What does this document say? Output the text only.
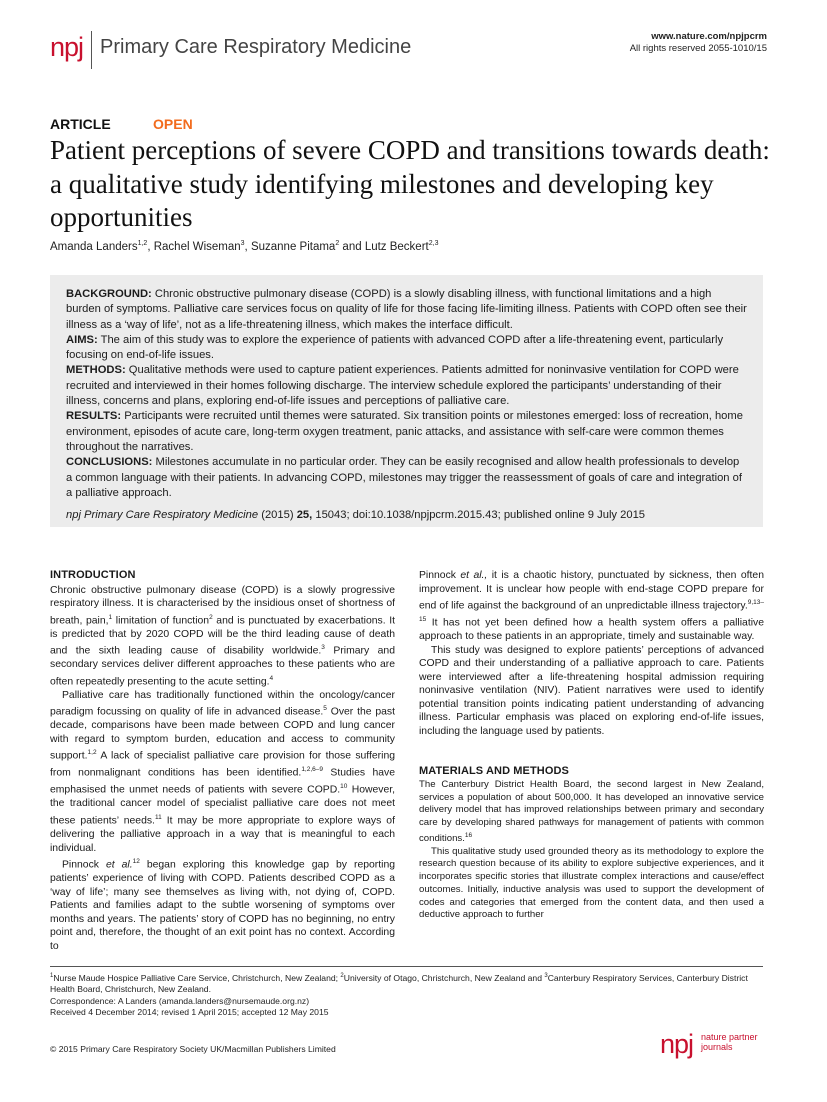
npj Primary Care Respiratory Medicine	www.nature.com/npjpcrm
All rights reserved 2055-1010/15
ARTICLE	OPEN
Patient perceptions of severe COPD and transitions towards death: a qualitative study identifying milestones and developing key opportunities
Amanda Landers$^{1,2}$, Rachel Wiseman$^3$, Suzanne Pitama$^2$ and Lutz Beckert$^{2,3}$

BACKGROUND: Chronic obstructive pulmonary disease (COPD) is a slowly disabling illness, with functional limitations and a high burden of symptoms. Palliative care services focus on quality of life for those facing life-limiting illness. Patients with COPD often see their illness as a ‘way of life’, not as a life-threatening illness, which makes the interface difficult.

AIMS: The aim of this study was to explore the experience of patients with advanced COPD after a life-threatening event, particularly focusing on end-of-life issues.

METHODS: Qualitative methods were used to capture patient experiences. Patients admitted for noninvasive ventilation for COPD were recruited and interviewed in their homes following discharge. The interview schedule explored the participants’ understanding of their illness, concerns and plans, exploring end-of-life issues and perceptions of palliative care.

RESULTS: Participants were recruited until themes were saturated. Six transition points or milestones emerged: loss of recreation, home environment, episodes of acute care, long-term oxygen treatment, panic attacks, and assistance with self-care were common themes throughout the narratives.

CONCLUSIONS: Milestones accumulate in no particular order. They can be easily recognised and allow health professionals to develop a common language with their patients. In advancing COPD, milestones may trigger the reassessment of goals of care and integration of a palliative approach.

npj Primary Care Respiratory Medicine (2015) 25, 15043; doi:10.1038/npjpcrm.2015.43; published online 9 July 2015

INTRODUCTION

Chronic obstructive pulmonary disease (COPD) is a slowly progressive respiratory illness. It is characterised by the insidious onset of shortness of breath, pain,$^1$ limitation of function$^2$ and is punctuated by exacerbations. It is predicted that by 2020 COPD will be the third leading cause of death and the sixth leading cause of disability worldwide.$^3$ Primary and secondary services deliver different approaches to these patients who are often repeatedly presenting to the acute setting.$^4$

Palliative care has traditionally functioned within the oncology/cancer paradigm focussing on quality of life in advanced disease.$^5$ Over the past decade, comparisons have been made between COPD and lung cancer with regard to symptom burden, education and access to community support.$^{1,2}$ A lack of specialist palliative care provision for those suffering from nonmalignant conditions has been identified.$^{1,2,6-9}$ Studies have emphasised the unmet needs of patients with severe COPD.$^{10}$ However, the traditional cancer model of specialist palliative care does not meet these patients’ needs.$^{11}$ It may be more appropriate to explore ways of delivering the palliative approach in a way that is meaningful to each individual.

Pinnock et al.$^{12}$ began exploring this knowledge gap by reporting patients’ experience of living with COPD. Patients described COPD as a ‘way of life’; many see themselves as living with, not dying of, COPD. Patients and families adapt to the subtle worsening of symptoms over months and years. The patients’ story of COPD has no beginning, no entry point and, therefore, the thought of an exit point has no context. According to

Pinnock et al., it is a chaotic history, punctuated by sickness, then often improvement. It is unclear how people with end-stage COPD prepare for end of life against the background of an unpredictable illness trajectory.$^{9,13-15}$ It has not yet been defined how a health system offers a palliative approach to these patients in an appropriate, timely and sustainable way.

This study was designed to explore patients’ perceptions of advanced COPD and their understanding of a palliative approach to care. Patients were interviewed after a life-threatening hospital admission requiring noninvasive ventilation (NIV). Patient narratives were used to identify potential transition points indicating patient understanding of advancing illness. Particular emphasis was placed on exploring end-of-life issues, including the language used by patients.

MATERIALS AND METHODS

The Canterbury District Health Board, the second largest in New Zealand, services a population of about 500,000. It has developed an innovative service delivery model that has improved relationships between primary and secondary care by developing shared pathways for management of patients with common conditions.$^{16}$

This qualitative study used grounded theory as its methodology to explore the research question because of its ability to explore subjective experiences, and it incorporates specific stories that illustrate complex interactions and cause/effect outcomes. Initially, inductive analysis was used to support the development of codes and categories that emerged from the content data, and then used a deductive approach to further

$^1$Nurse Maude Hospice Palliative Care Service, Christchurch, New Zealand; $^2$University of Otago, Christchurch, New Zealand and $^3$Canterbury Respiratory Services, Canterbury District Health Board, Christchurch, New Zealand.

Correspondence: A Landers (amanda.landers@nursemaude.org.nz)

Received 4 December 2014; revised 1 April 2015; accepted 12 May 2015

© 2015 Primary Care Respiratory Society UK/Macmillan Publishers Limited	npj nature partner
journals
